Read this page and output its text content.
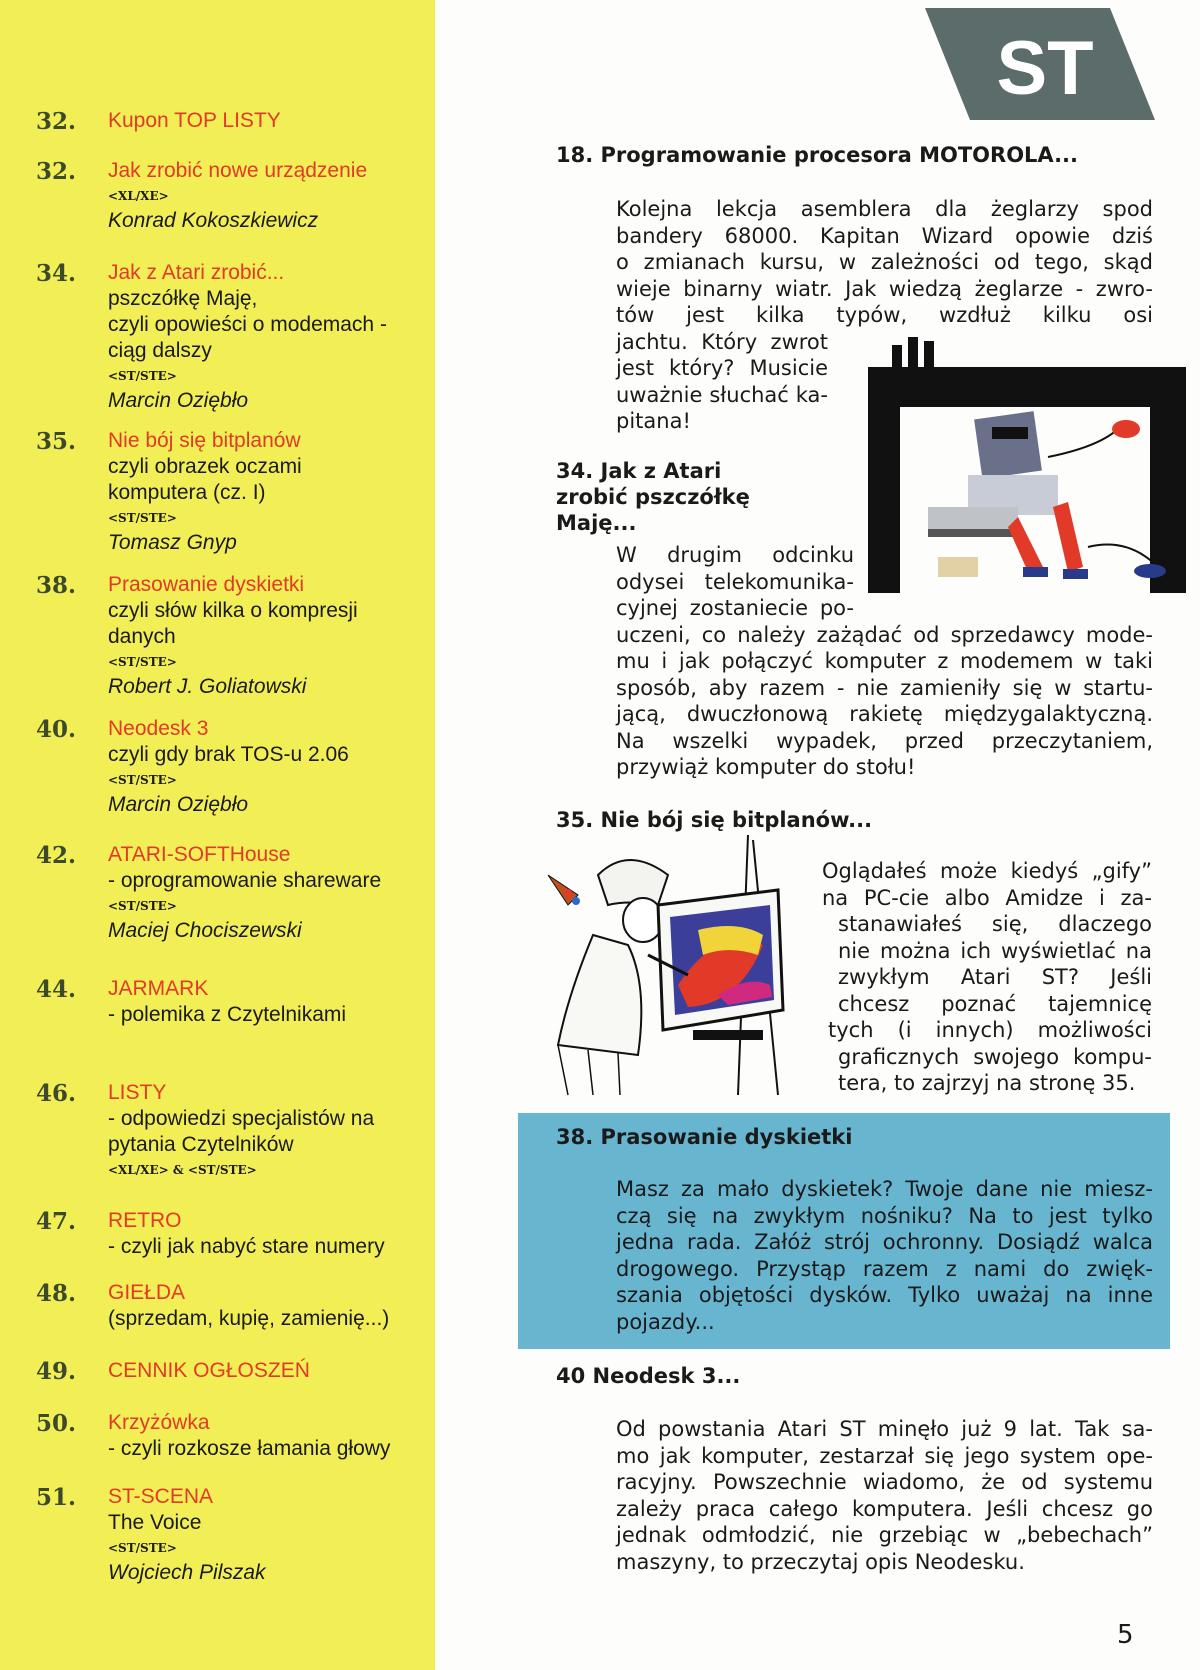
32. Kupon TOP LISTY
32. Jak zrobić nowe urządzenie
<XL/XE>
Konrad Kokoszkiewicz
34. Jak z Atari zrobić...
pszczółkę Maję,
czyli opowieści o modemach -
ciąg dalszy
<ST/STE>
Marcin Oziębło
35. Nie bój się bitplanów
czyli obrazek oczami
komputera (cz. I)
<ST/STE>
Tomasz Gnyp
38. Prasowanie dyskietki
czyli słów kilka o kompresji
danych
<ST/STE>
Robert J. Goliatowski
40. Neodesk 3
czyli gdy brak TOS-u 2.06
<ST/STE>
Marcin Oziębło
42. ATARI-SOFTHouse
- oprogramowanie shareware
<ST/STE>
Maciej Chociszewski
44. JARMARK
- polemika z Czytelnikami
46. LISTY
- odpowiedzi specjalistów na
pytania Czytelników
<XL/XE> & <ST/STE>
47. RETRO
- czyli jak nabyć stare numery
48. GIEŁDA
(sprzedam, kupię, zamienię...)
49. CENNIK OGŁOSZEŃ
50. Krzyżówka
- czyli rozkosze łamania głowy
51. ST-SCENA
The Voice
<ST/STE>
Wojciech Pilszak
ST
18. Programowanie procesora MOTOROLA...
Kolejna lekcja asemblera dla żeglarzy spod
bandery 68000. Kapitan Wizard opowie dziś
o zmianach kursu, w zależności od tego, skąd
wieje binarny wiatr. Jak wiedzą żeglarze - zwro-
tów jest kilka typów, wzdłuż kilku osi
jachtu. Który zwrot
jest który? Musicie
uważnie słuchać ka-
pitana!
34. Jak z Atari zrobić pszczółkę Maję...
W drugim odcinku
odysei telekomunika-
cyjnej zostaniecie po-
uczeni, co należy zażądać od sprzedawcy mode-
mu i jak połączyć komputer z modemem w taki
sposób, aby razem - nie zamieniły się w startu-
jącą, dwuczłonową rakietę międzygalaktyczną.
Na wszelki wypadek, przed przeczytaniem,
przywiąż komputer do stołu!
35. Nie bój się bitplanów...
Oglądałeś może kiedyś „gify”
na PC-cie albo Amidze i za-
stanawiałeś się, dlaczego
nie można ich wyświetlać na
zwykłym Atari ST? Jeśli
chcesz poznać tajemnicę
tych (i innych) możliwości
graficznych swojego kompu-
tera, to zajrzyj na stronę 35.
38. Prasowanie dyskietki
Masz za mało dyskietek? Twoje dane nie miesz-
czą się na zwykłym nośniku? Na to jest tylko
jedna rada. Załóż strój ochronny. Dosiądź walca
drogowego. Przystąp razem z nami do zwięk-
szania objętości dysków. Tylko uważaj na inne
pojazdy...
40 Neodesk 3...
Od powstania Atari ST minęło już 9 lat. Tak sa-
mo jak komputer, zestarzał się jego system ope-
racyjny. Powszechnie wiadomo, że od systemu
zależy praca całego komputera. Jeśli chcesz go
jednak odmłodzić, nie grzebiąc w „bebechach”
maszyny, to przeczytaj opis Neodesku.
5
